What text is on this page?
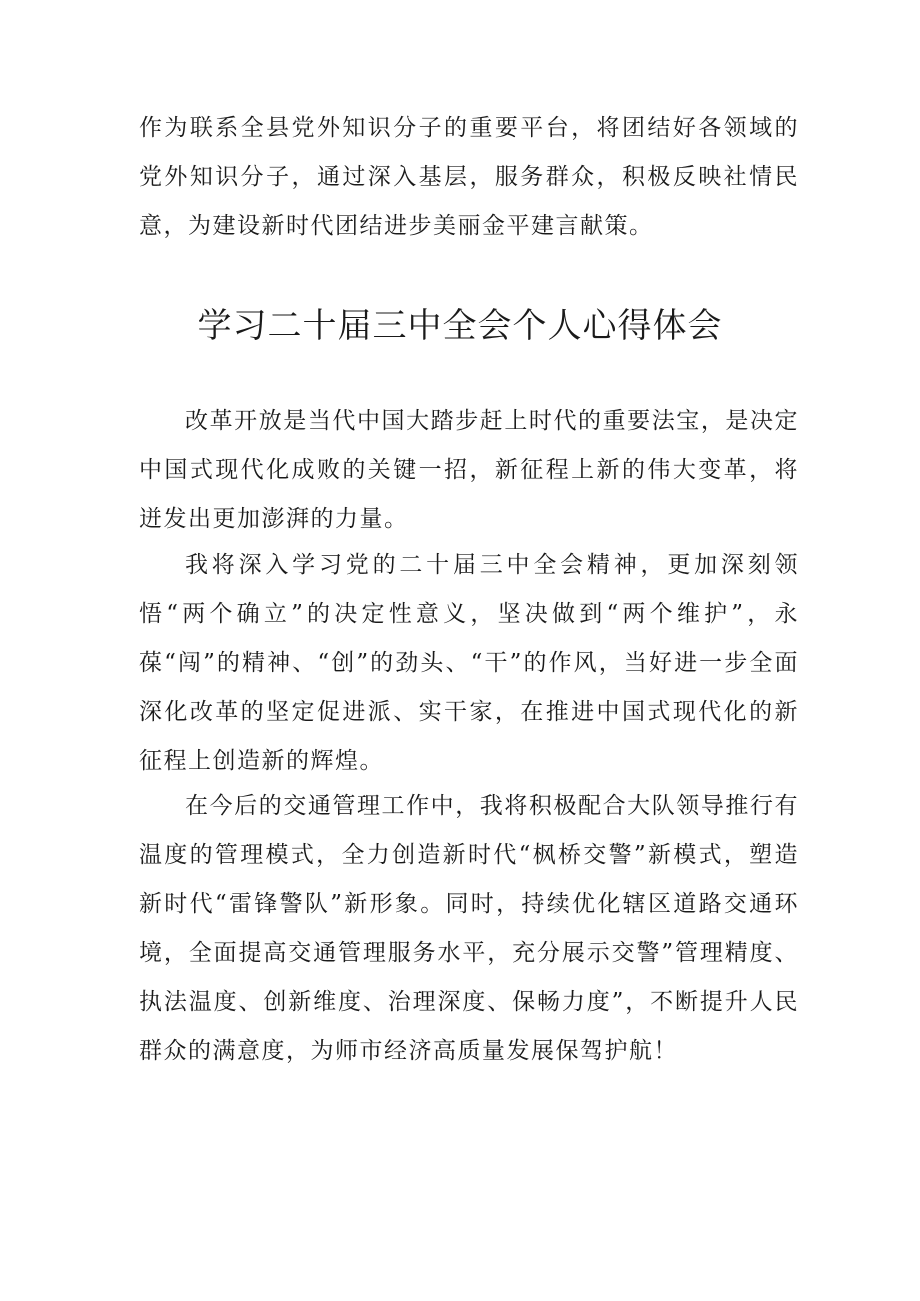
作为联系全县党外知识分子的重要平台，将团结好各领域的党外知识分子，通过深入基层，服务群众，积极反映社情民意，为建设新时代团结进步美丽金平建言献策。

学习二十届三中全会个人心得体会

改革开放是当代中国大踏步赶上时代的重要法宝，是决定中国式现代化成败的关键一招，新征程上新的伟大变革，将迸发出更加澎湃的力量。

我将深入学习党的二十届三中全会精神，更加深刻领悟“两个确立”的决定性意义，坚决做到“两个维护”，永葆“闯”的精神、“创”的劲头、“干”的作风，当好进一步全面深化改革的坚定促进派、实干家，在推进中国式现代化的新征程上创造新的辉煌。

在今后的交通管理工作中，我将积极配合大队领导推行有温度的管理模式，全力创造新时代“枫桥交警”新模式，塑造新时代“雷锋警队”新形象。同时，持续优化辖区道路交通环境，全面提高交通管理服务水平，充分展示交警”管理精度、执法温度、创新维度、治理深度、保畅力度”，不断提升人民群众的满意度，为师市经济高质量发展保驾护航！
